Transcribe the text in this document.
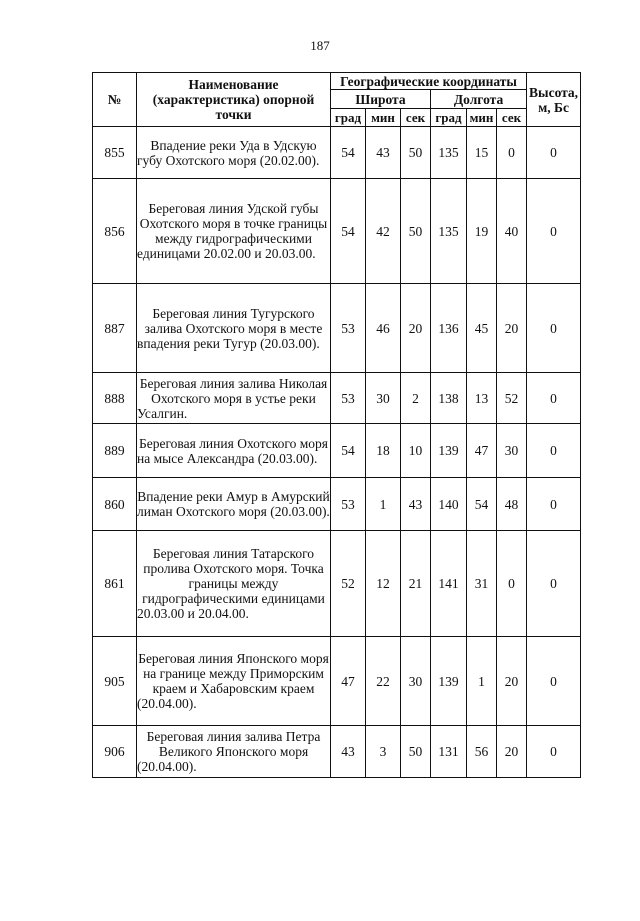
187
№	Наименование (характеристика) опорной точки	Географические координаты						Высота, м, Бс
		Широта			Долгота			
		град	мин	сек	град	мин	сек	
855	Впадение реки Уда в Удскую губу Охотского моря (20.02.00).	54	43	50	135	15	0	0
856	Береговая линия Удской губы Охотского моря в точке границы между гидрографическими единицами 20.02.00 и 20.03.00.	54	42	50	135	19	40	0
887	Береговая линия Тугурского залива Охотского моря в месте впадения реки Тугур (20.03.00).	53	46	20	136	45	20	0
888	Береговая линия залива Николая Охотского моря в устье реки Усалгин.	53	30	2	138	13	52	0
889	Береговая линия Охотского моря на мысе Александра (20.03.00).	54	18	10	139	47	30	0
860	Впадение реки Амур в Амурский лиман Охотского моря (20.03.00).	53	1	43	140	54	48	0
861	Береговая линия Татарского пролива Охотского моря. Точка границы между гидрографическими единицами 20.03.00 и 20.04.00.	52	12	21	141	31	0	0
905	Береговая линия Японского моря на границе между Приморским краем и Хабаровским краем (20.04.00).	47	22	30	139	1	20	0
906	Береговая линия залива Петра Великого Японского моря (20.04.00).	43	3	50	131	56	20	0
